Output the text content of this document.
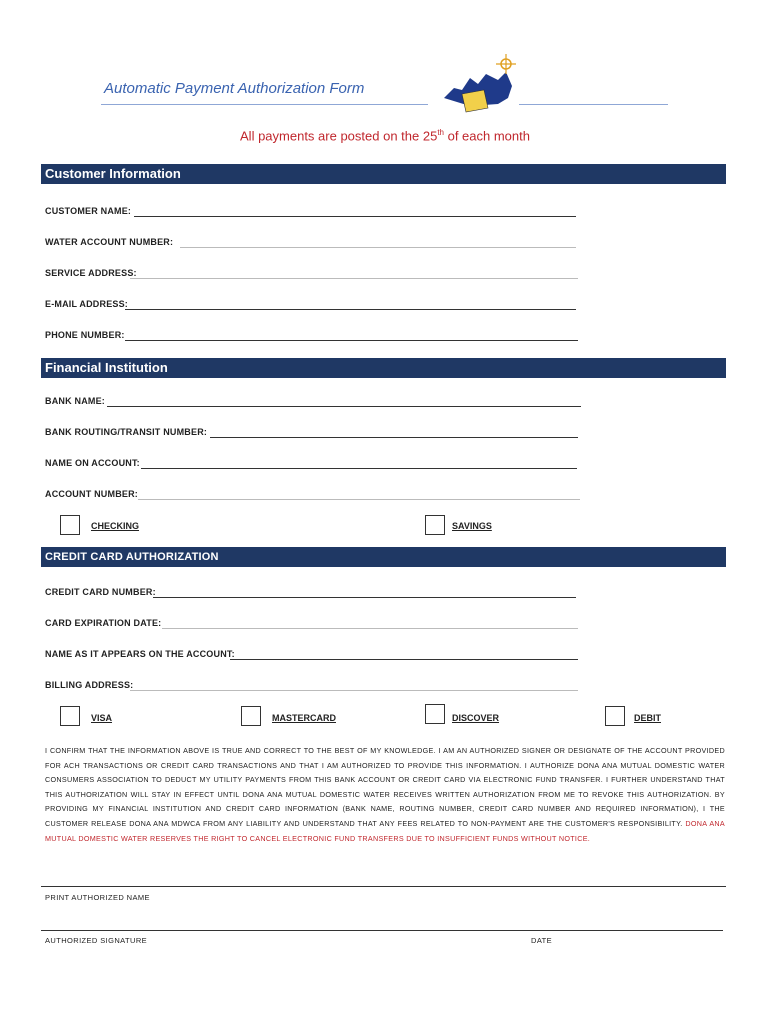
Automatic Payment Authorization Form
All payments are posted on the 25th of each month
Customer Information
CUSTOMER NAME:
WATER ACCOUNT NUMBER:
SERVICE ADDRESS:
E-MAIL ADDRESS:
PHONE NUMBER:
Financial Institution
BANK NAME:
BANK ROUTING/TRANSIT NUMBER:
NAME ON ACCOUNT:
ACCOUNT NUMBER:
CHECKING	SAVINGS
CREDIT CARD AUTHORIZATION
CREDIT CARD NUMBER:
CARD EXPIRATION DATE:
NAME AS IT APPEARS ON THE ACCOUNT:
BILLING ADDRESS:
VISA	MASTERCARD	DISCOVER	DEBIT
I CONFIRM THAT THE INFORMATION ABOVE IS TRUE AND CORRECT TO THE BEST OF MY KNOWLEDGE. I AM AN AUTHORIZED SIGNER OR DESIGNATE OF THE ACCOUNT PROVIDED FOR ACH TRANSACTIONS OR CREDIT CARD TRANSACTIONS AND THAT I AM AUTHORIZED TO PROVIDE THIS INFORMATION. I AUTHORIZE DONA ANA MUTUAL DOMESTIC WATER CONSUMERS ASSOCIATION TO DEDUCT MY UTILITY PAYMENTS FROM THIS BANK ACCOUNT OR CREDIT CARD VIA ELECTRONIC FUND TRANSFER. I FURTHER UNDERSTAND THAT THIS AUTHORIZATION WILL STAY IN EFFECT UNTIL DONA ANA MUTUAL DOMESTIC WATER RECEIVES WRITTEN AUTHORIZATION FROM ME TO REVOKE THIS AUTHORIZATION. BY PROVIDING MY FINANCIAL INSTITUTION AND CREDIT CARD INFORMATION (BANK NAME, ROUTING NUMBER, CREDIT CARD NUMBER AND REQUIRED INFORMATION), I THE CUSTOMER RELEASE DONA ANA MDWCA FROM ANY LIABILITY AND UNDERSTAND THAT ANY FEES RELATED TO NON-PAYMENT ARE THE CUSTOMER'S RESPONSIBILITY. DONA ANA MUTUAL DOMESTIC WATER RESERVES THE RIGHT TO CANCEL ELECTRONIC FUND TRANSFERS DUE TO INSUFFICIENT FUNDS WITHOUT NOTICE.
PRINT AUTHORIZED NAME
AUTHORIZED SIGNATURE	DATE
